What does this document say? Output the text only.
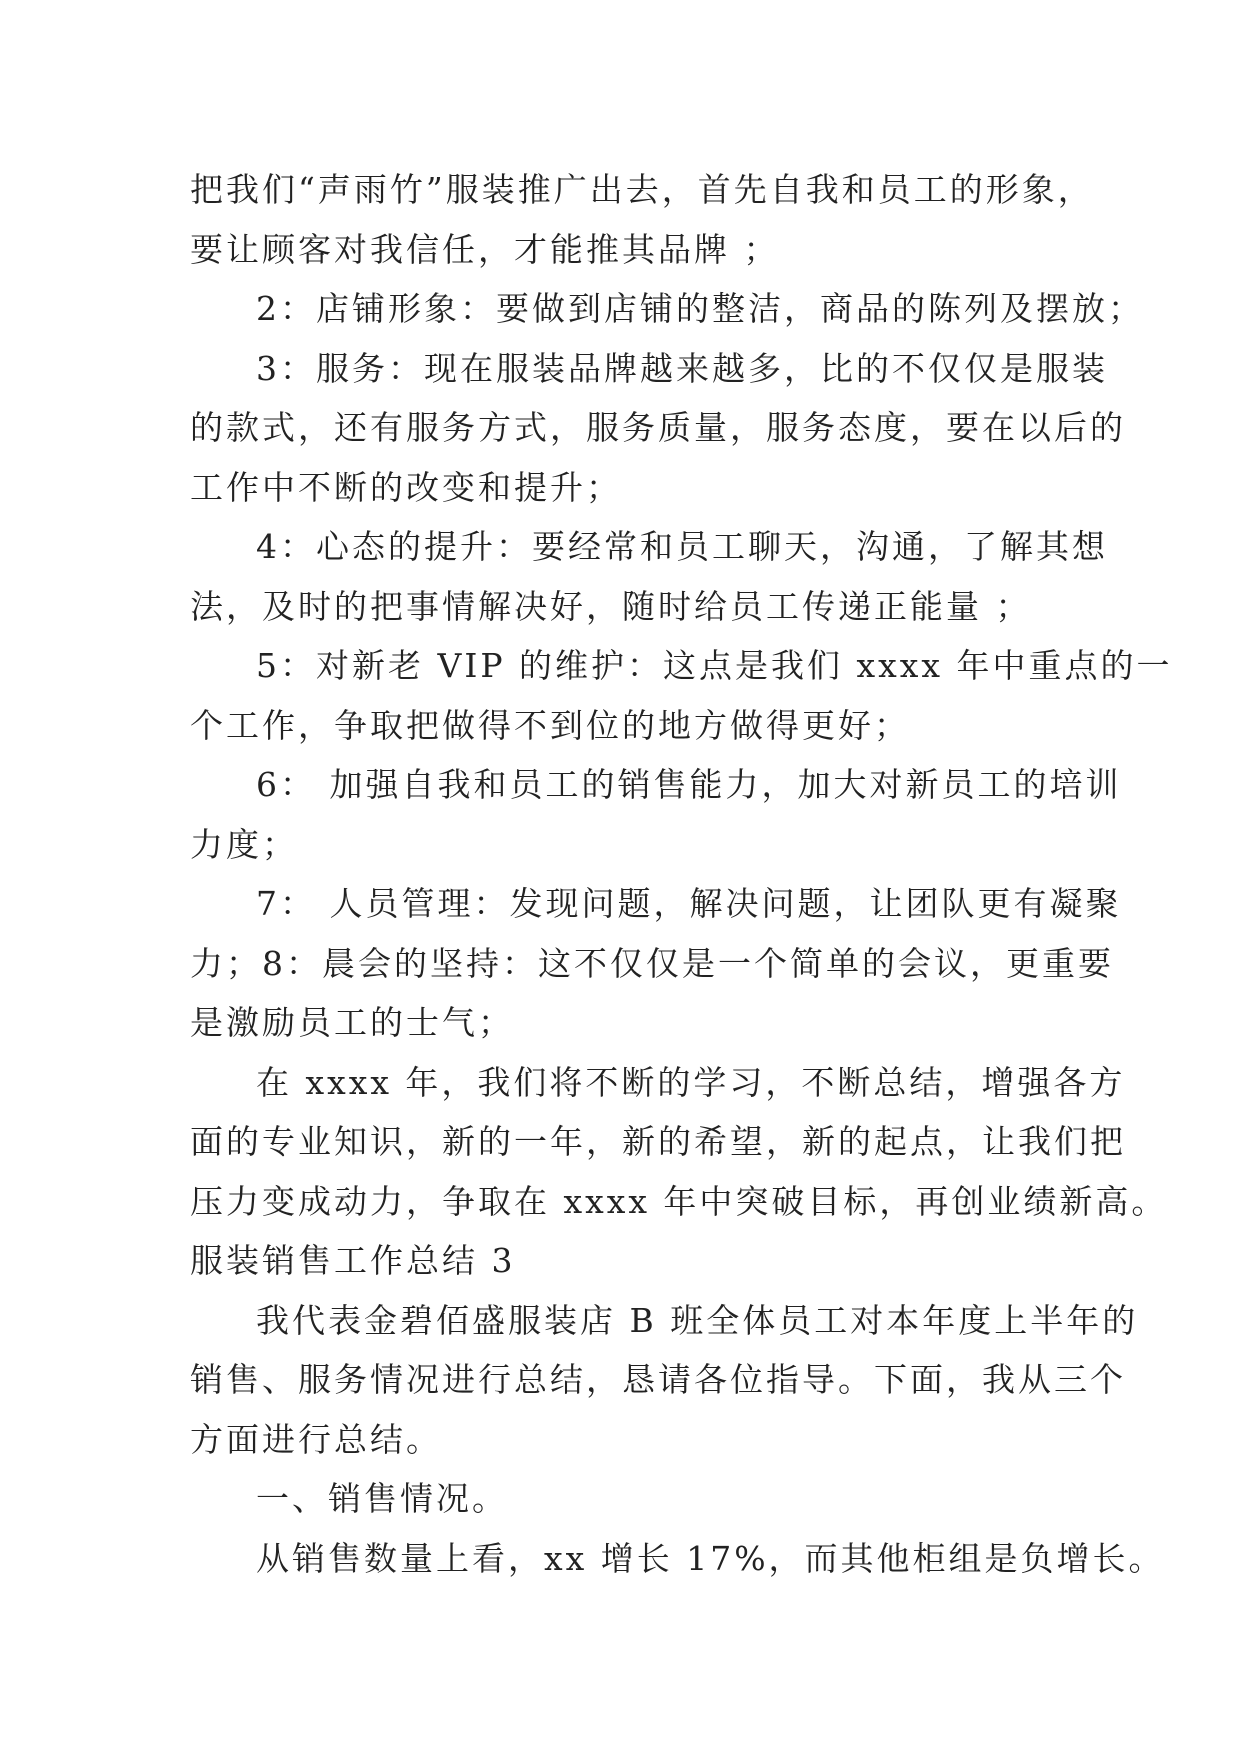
把我们“声雨竹”服装推广出去，首先自我和员工的形象，
要让顾客对我信任，才能推其品牌 ；
2：店铺形象：要做到店铺的整洁，商品的陈列及摆放；
3：服务：现在服装品牌越来越多，比的不仅仅是服装
的款式，还有服务方式，服务质量，服务态度，要在以后的
工作中不断的改变和提升；
4：心态的提升：要经常和员工聊天，沟通，了解其想
法，及时的把事情解决好，随时给员工传递正能量 ；
5：对新老 VIP 的维护：这点是我们 xxxx 年中重点的一
个工作，争取把做得不到位的地方做得更好；
6： 加强自我和员工的销售能力，加大对新员工的培训
力度；
7： 人员管理：发现问题，解决问题，让团队更有凝聚
力；8：晨会的坚持：这不仅仅是一个简单的会议，更重要
是激励员工的士气；
在 xxxx 年，我们将不断的学习，不断总结，增强各方
面的专业知识，新的一年，新的希望，新的起点，让我们把
压力变成动力，争取在 xxxx 年中突破目标，再创业绩新高。
服装销售工作总结 3
我代表金碧佰盛服装店 B 班全体员工对本年度上半年的
销售、服务情况进行总结，恳请各位指导。下面，我从三个
方面进行总结。
一、销售情况。
从销售数量上看，xx 增长 17%，而其他柜组是负增长。
